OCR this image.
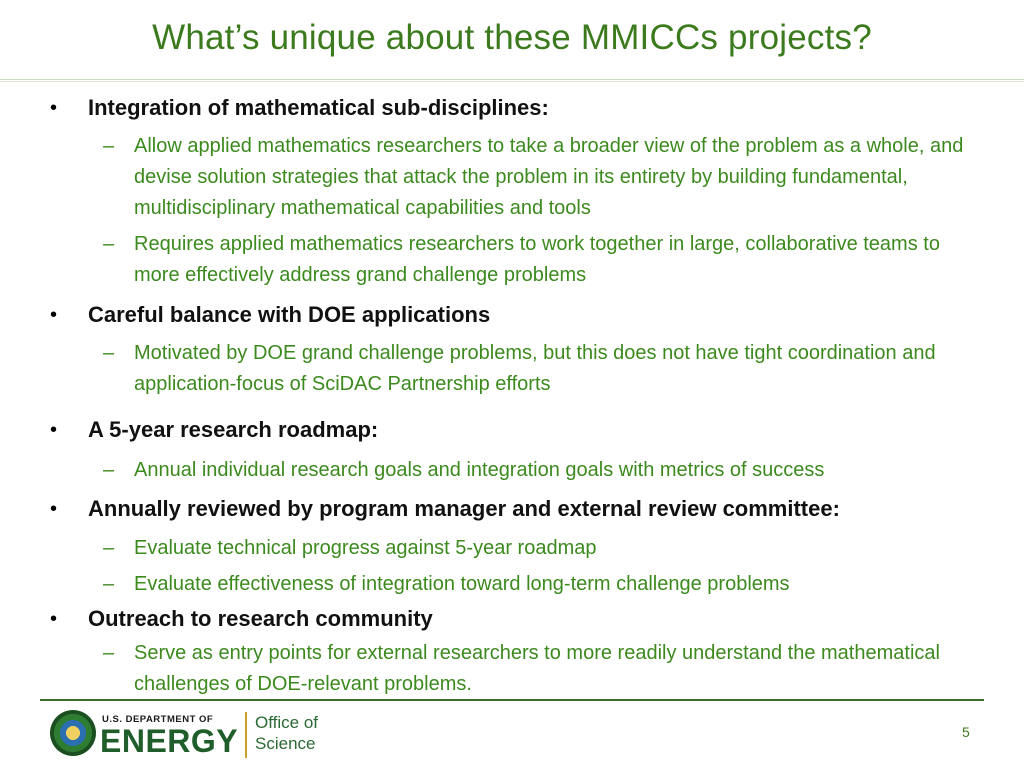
What’s unique about these MMICCs projects?
• Integration of mathematical sub-disciplines:
– Allow applied mathematics researchers to take a broader view of the problem as a whole, and devise solution strategies that attack the problem in its entirety by building fundamental, multidisciplinary mathematical capabilities and tools
– Requires applied mathematics researchers to work together in large, collaborative teams to more effectively address grand challenge problems
• Careful balance with DOE applications
– Motivated by DOE grand challenge problems, but this does not have tight coordination and application-focus of SciDAC Partnership efforts
• A 5-year research roadmap:
– Annual individual research goals and integration goals with metrics of success
• Annually reviewed by program manager and external review committee:
– Evaluate technical progress against 5-year roadmap
– Evaluate effectiveness of integration toward long-term challenge problems
• Outreach to research community
– Serve as entry points for external researchers to more readily understand the mathematical challenges of DOE-relevant problems.
U.S. DEPARTMENT OF
ENERGY
Office of
Science
5
